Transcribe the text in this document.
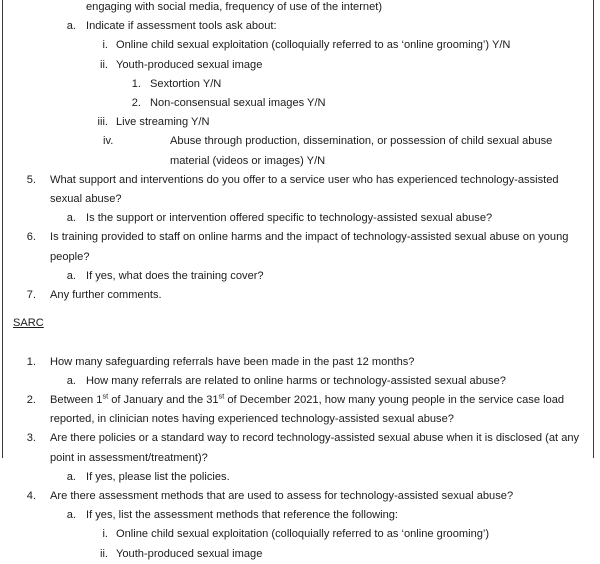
engaging with social media, frequency of use of the internet)
a. Indicate if assessment tools ask about:
i. Online child sexual exploitation (colloquially referred to as ‘online grooming’) Y/N
ii. Youth-produced sexual image
1. Sextortion Y/N
2. Non-consensual sexual images Y/N
iii. Live streaming Y/N
iv.	Abuse through production, dissemination, or possession of child sexual abuse material (videos or images) Y/N
5. What support and interventions do you offer to a service user who has experienced technology-assisted sexual abuse?
a. Is the support or intervention offered specific to technology-assisted sexual abuse?
6. Is training provided to staff on online harms and the impact of technology-assisted sexual abuse on young people?
a. If yes, what does the training cover?
7. Any further comments.

SARC

1. How many safeguarding referrals have been made in the past 12 months?
a. How many referrals are related to online harms or technology-assisted sexual abuse?
2. Between 1st of January and the 31st of December 2021, how many young people in the service case load reported, in clinician notes having experienced technology-assisted sexual abuse?
3. Are there policies or a standard way to record technology-assisted sexual abuse when it is disclosed (at any point in assessment/treatment)?
a. If yes, please list the policies.
4. Are there assessment methods that are used to assess for technology-assisted sexual abuse?
a. If yes, list the assessment methods that reference the following:
i. Online child sexual exploitation (colloquially referred to as ‘online grooming’)
ii. Youth-produced sexual image
